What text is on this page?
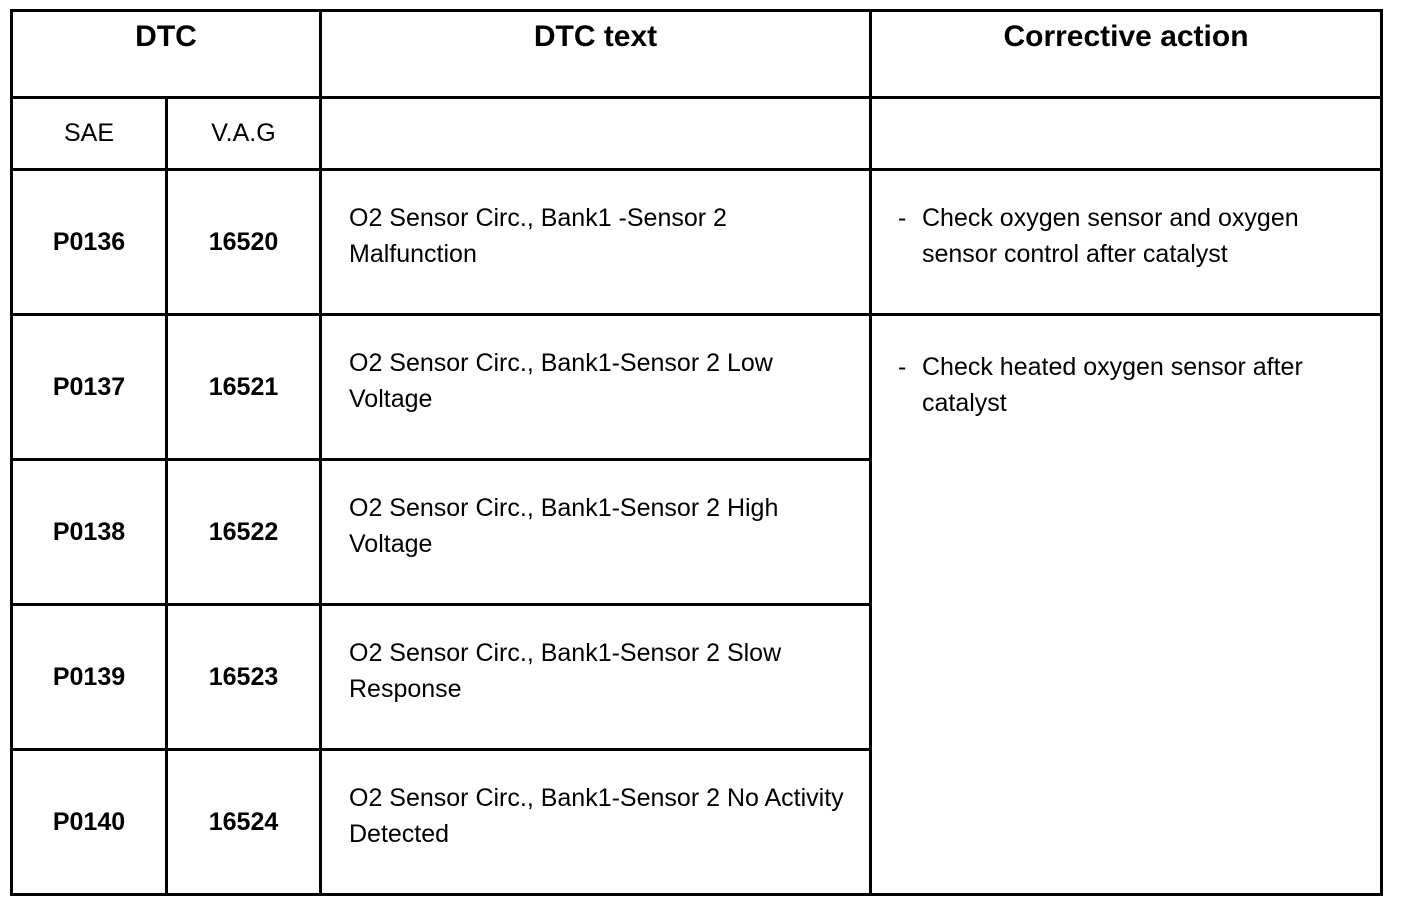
DTC		DTC text	Corrective action
SAE	V.A.G		
P0136	16520	O2 Sensor Circ., Bank1 -Sensor 2 Malfunction	- Check oxygen sensor and oxygen sensor control after catalyst

P0137	16521	O2 Sensor Circ., Bank1-Sensor 2 Low Voltage	- Check heated oxygen sensor after catalyst

P0138	16522	O2 Sensor Circ., Bank1-Sensor 2 High Voltage	

P0139	16523	O2 Sensor Circ., Bank1-Sensor 2 Slow Response	

P0140	16524	O2 Sensor Circ., Bank1-Sensor 2 No Activity Detected	
